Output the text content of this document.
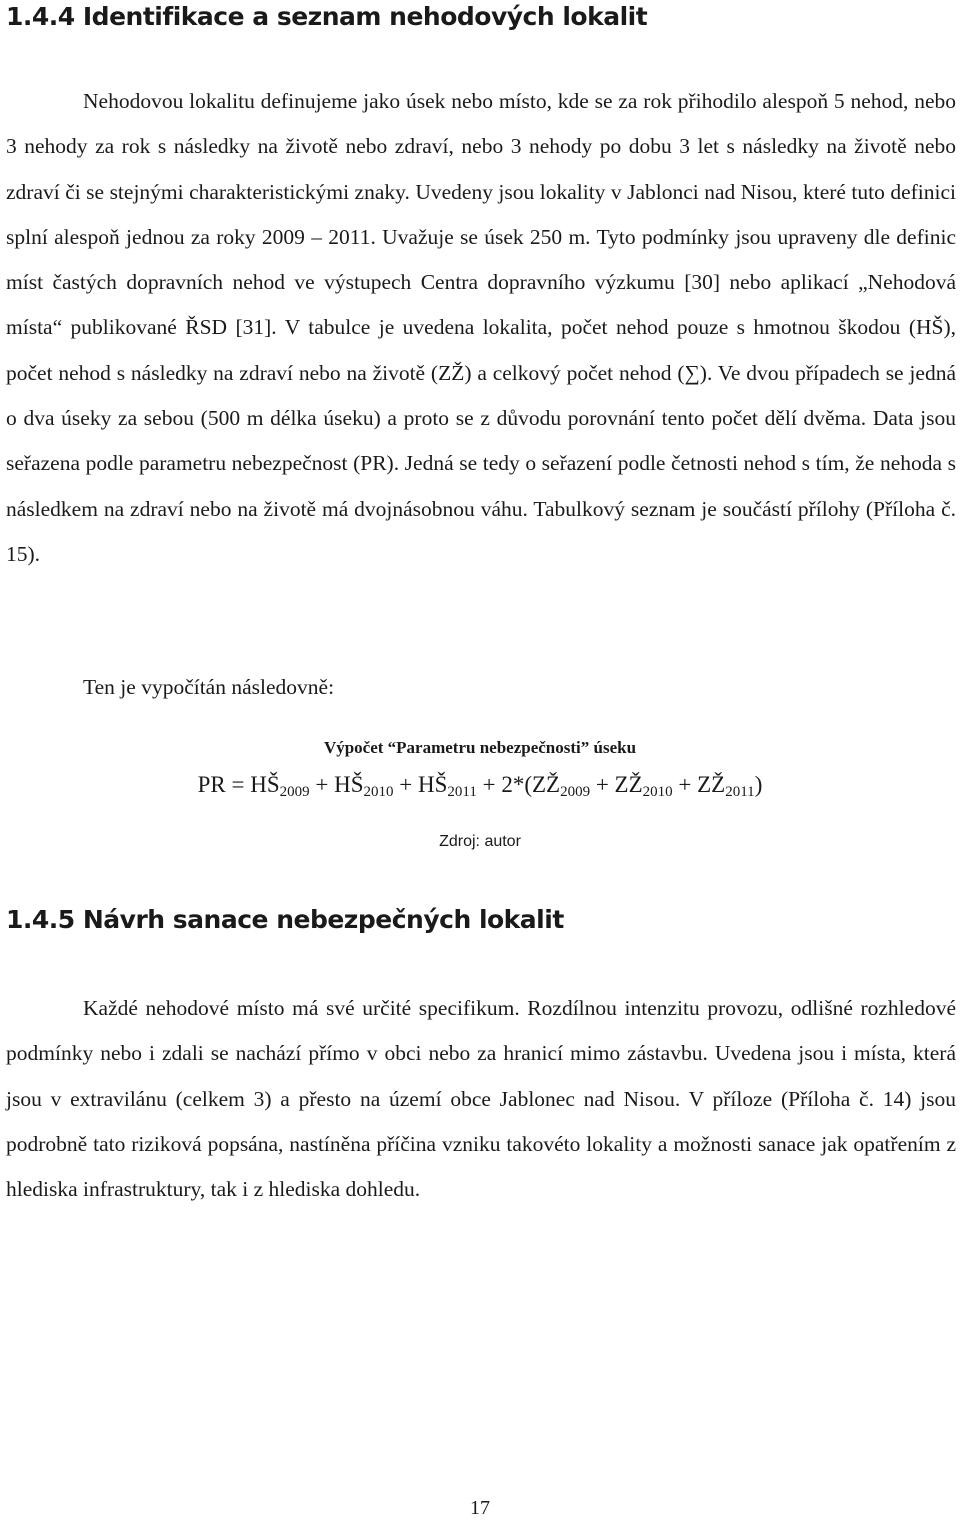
1.4.4 Identifikace a seznam nehodových lokalit

Nehodovou lokalitu definujeme jako úsek nebo místo, kde se za rok přihodilo alespoň 5 nehod, nebo 3 nehody za rok s následky na životě nebo zdraví, nebo 3 nehody po dobu 3 let s následky na životě nebo zdraví či se stejnými charakteristickými znaky. Uvedeny jsou lokality v Jablonci nad Nisou, které tuto definici splní alespoň jednou za roky 2009 – 2011. Uvažuje se úsek 250 m. Tyto podmínky jsou upraveny dle definic míst častých dopravních nehod ve výstupech Centra dopravního výzkumu [30] nebo aplikací „Nehodová místa“ publikované ŘSD [31]. V tabulce je uvedena lokalita, počet nehod pouze s hmotnou škodou (HŠ), počet nehod s následky na zdraví nebo na životě (ZŽ) a celkový počet nehod (∑). Ve dvou případech se jedná o dva úseky za sebou (500 m délka úseku) a proto se z důvodu porovnání tento počet dělí dvěma. Data jsou seřazena podle parametru nebezpečnost (PR). Jedná se tedy o seřazení podle četnosti nehod s tím, že nehoda s následkem na zdraví nebo na životě má dvojnásobnou váhu. Tabulkový seznam je součástí přílohy (Příloha č. 15).

Ten je vypočítán následovně:

Výpočet “Parametru nebezpečnosti” úseku
PR = $HŠ_{2009}$ + $HŠ_{2010}$ + $HŠ_{2011}$ + $2*(ZŽ_{2009}$ + $ZŽ_{2010}$ + $ZŽ_{2011}$)
Zdroj: autor
1.4.5 Návrh sanace nebezpečných lokalit

Každé nehodové místo má své určité specifikum. Rozdílnou intenzitu provozu, odlišné rozhledové podmínky nebo i zdali se nachází přímo v obci nebo za hranicí mimo zástavbu. Uvedena jsou i místa, která jsou v extravilánu (celkem 3) a přesto na území obce Jablonec nad Nisou. V příloze (Příloha č. 14) jsou podrobně tato riziková popsána, nastíněna příčina vzniku takovéto lokality a možnosti sanace jak opatřením z hlediska infrastruktury, tak i z hlediska dohledu.

17
